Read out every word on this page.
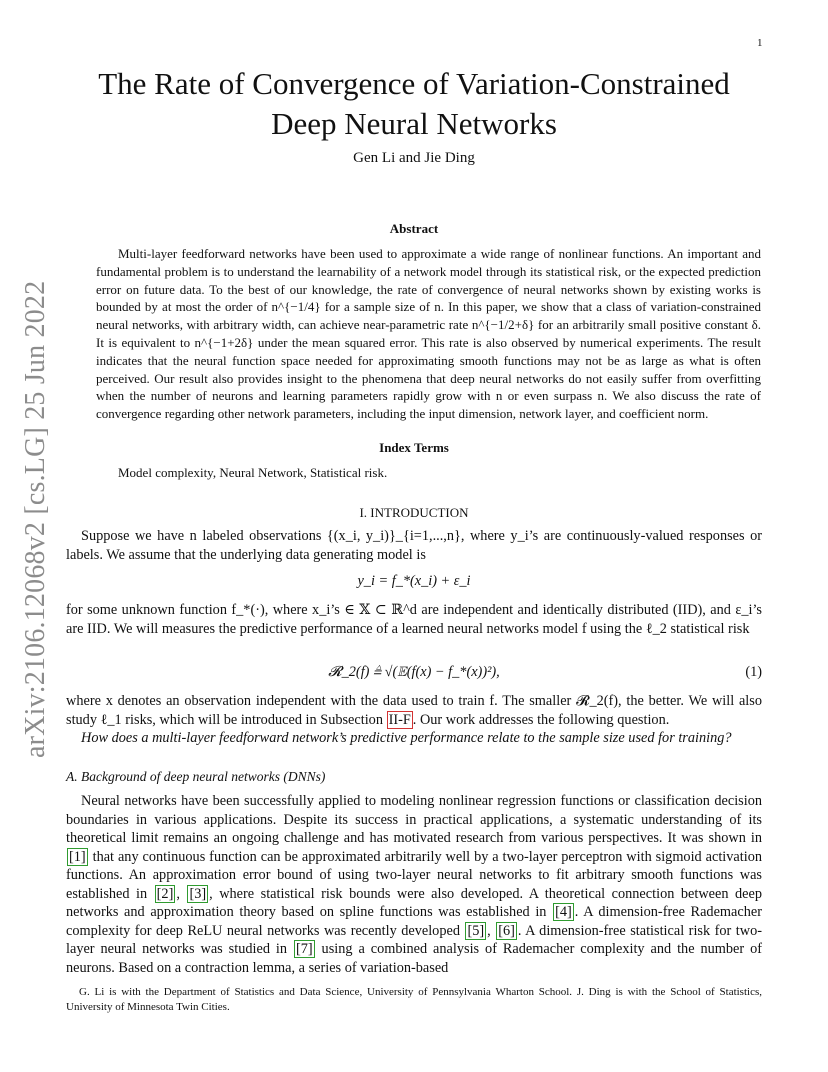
1
arXiv:2106.12068v2 [cs.LG] 25 Jun 2022
The Rate of Convergence of Variation-Constrained
Deep Neural Networks
Gen Li and Jie Ding
Abstract

Multi-layer feedforward networks have been used to approximate a wide range of nonlinear functions. An important and fundamental problem is to understand the learnability of a network model through its statistical risk, or the expected prediction error on future data. To the best of our knowledge, the rate of convergence of neural networks shown by existing works is bounded by at most the order of n^{−1/4} for a sample size of n. In this paper, we show that a class of variation-constrained neural networks, with arbitrary width, can achieve near-parametric rate n^{−1/2+δ} for an arbitrarily small positive constant δ. It is equivalent to n^{−1+2δ} under the mean squared error. This rate is also observed by numerical experiments. The result indicates that the neural function space needed for approximating smooth functions may not be as large as what is often perceived. Our result also provides insight to the phenomena that deep neural networks do not easily suffer from overfitting when the number of neurons and learning parameters rapidly grow with n or even surpass n. We also discuss the rate of convergence regarding other network parameters, including the input dimension, network layer, and coefficient norm.

Index Terms
Model complexity, Neural Network, Statistical risk.
I. INTRODUCTION

Suppose we have n labeled observations {(x_i, y_i)}_{i=1,...,n}, where y_i’s are continuously-valued responses or labels. We assume that the underlying data generating model is

y_i = f_*(x_i) + ε_i

for some unknown function f_*(·), where x_i’s ∈ 𝕏 ⊂ ℝ^d are independent and identically distributed (IID), and ε_i’s are IID. We will measures the predictive performance of a learned neural networks model f using the ℓ_2 statistical risk

𝓡_2(f) ≜ √(𝔼(f(x) − f_*(x))²),	(1)

where x denotes an observation independent with the data used to train f. The smaller 𝓡_2(f), the better. We will also study ℓ_1 risks, which will be introduced in Subsection II-F . Our work addresses the following question.

How does a multi-layer feedforward network’s predictive performance relate to the sample size used for training?

A. Background of deep neural networks (DNNs)

Neural networks have been successfully applied to modeling nonlinear regression functions or classification decision boundaries in various applications. Despite its success in practical applications, a systematic understanding of its theoretical limit remains an ongoing challenge and has motivated research from various perspectives. It was shown in [1] that any continuous function can be approximated arbitrarily well by a two-layer perceptron with sigmoid activation functions. An approximation error bound of using two-layer neural networks to fit arbitrary smooth functions was established in [2] , [3] , where statistical risk bounds were also developed. A theoretical connection between deep networks and approximation theory based on spline functions was established in [4] . A dimension-free Rademacher complexity for deep ReLU neural networks was recently developed [5] , [6] . A dimension-free statistical risk for two-layer neural networks was studied in [7] using a combined analysis of Rademacher complexity and the number of neurons. Based on a contraction lemma, a series of variation-based

G. Li is with the Department of Statistics and Data Science, University of Pennsylvania Wharton School. J. Ding is with the School of Statistics, University of Minnesota Twin Cities.
